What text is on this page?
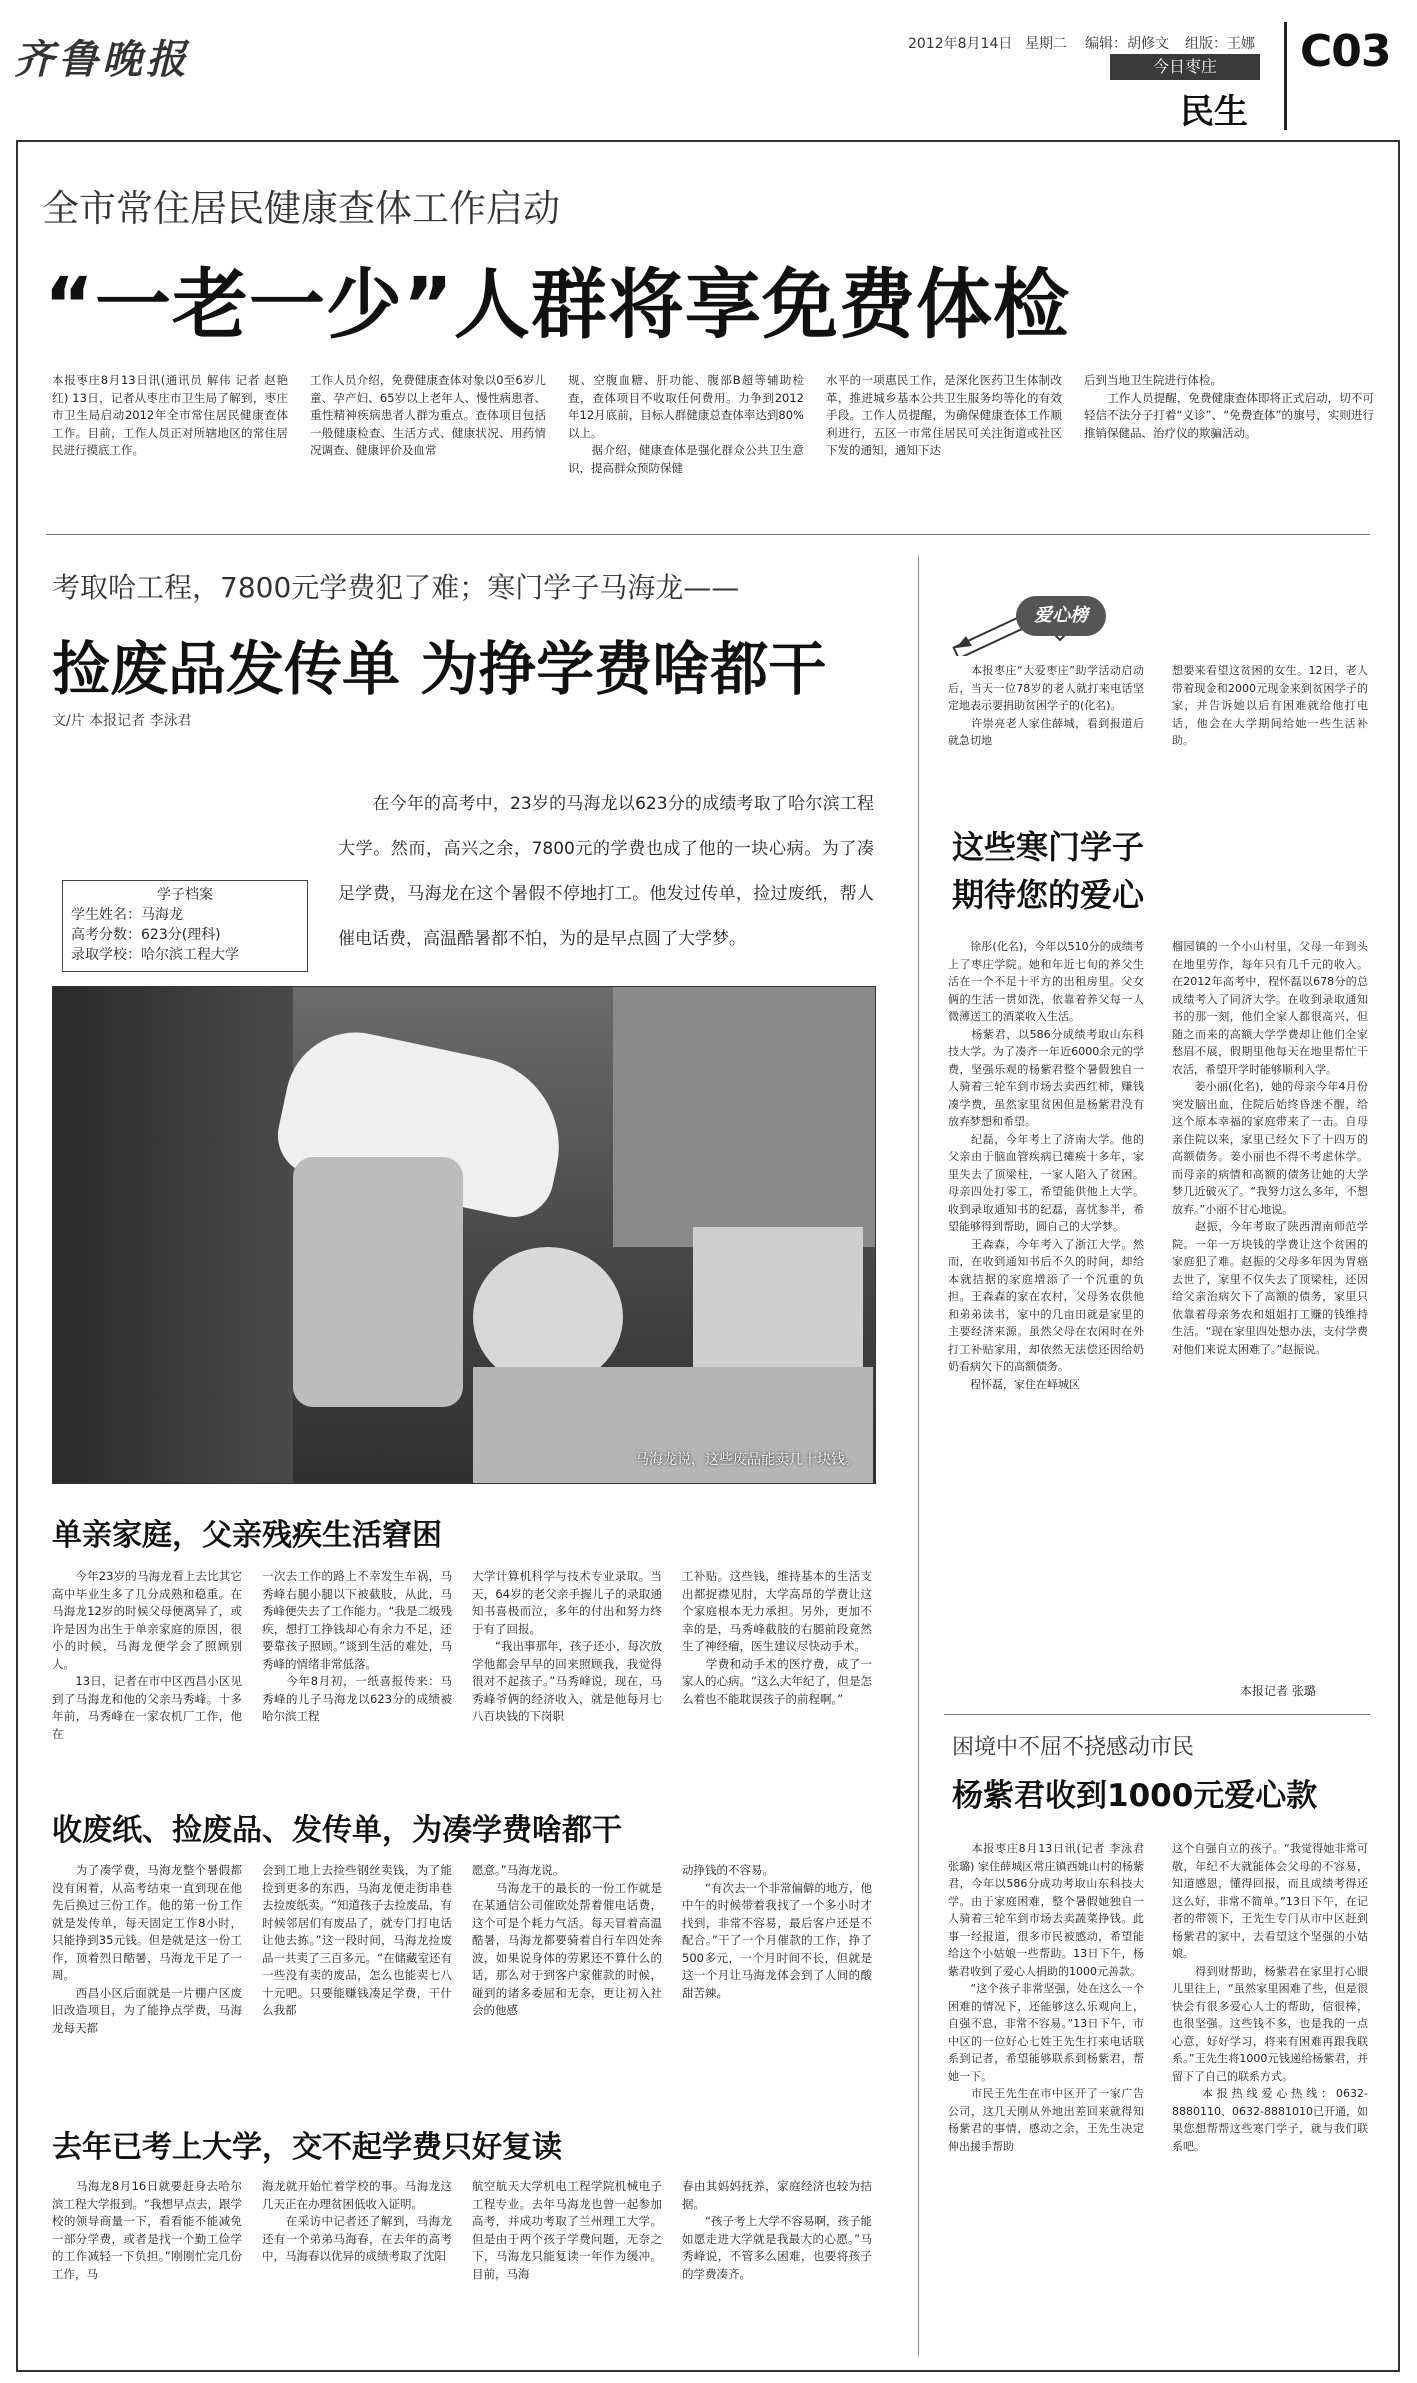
齐鲁晚报	2012年8月14日 星期二 编辑：胡修文 组版：王娜
今日枣庄
民生
C03
全市常住居民健康查体工作启动
“一老一少”人群将享免费体检
本报枣庄8月13日讯(通讯员 解伟 记者 赵艳红) 13日，记者从枣庄市卫生局了解到，枣庄市卫生局启动2012年全市常住居民健康查体工作。目前，工作人员正对所辖地区的常住居民进行摸底工作。
工作人员介绍，免费健康查体对象以0至6岁儿童、孕产妇、65岁以上老年人、慢性病患者、重性精神疾病患者人群为重点。查体项目包括一般健康检查、生活方式、健康状况、用药情况调查、健康评价及血常
规、空腹血糖、肝功能、腹部B超等辅助检查，查体项目不收取任何费用。力争到2012年12月底前，目标人群健康总查体率达到80%以上。
　　据介绍，健康查体是强化群众公共卫生意识，提高群众预防保健
水平的一项惠民工作，是深化医药卫生体制改革，推进城乡基本公共卫生服务均等化的有效手段。工作人员提醒，为确保健康查体工作顺利进行，五区一市常住居民可关注街道或社区下发的通知，通知下达
后到当地卫生院进行体检。
　　工作人员提醒，免费健康查体即将正式启动，切不可轻信不法分子打着“义诊”、“免费查体”的旗号，实则进行推销保健品、治疗仪的欺骗活动。
考取哈工程，7800元学费犯了难；寒门学子马海龙——
捡废品发传单 为挣学费啥都干
文/片 本报记者 李泳君
　　在今年的高考中，23岁的马海龙以623分的成绩考取了哈尔滨工程大学。然而，高兴之余，7800元的学费也成了他的一块心病。为了凑足学费，马海龙在这个暑假不停地打工。他发过传单，捡过废纸，帮人催电话费，高温酷暑都不怕，为的是早点圆了大学梦。
学子档案
学生姓名：马海龙
高考分数：623分(理科)
录取学校：哈尔滨工程大学
马海龙说，这些废品能卖几十块钱。
单亲家庭，父亲残疾生活窘困
　　今年23岁的马海龙看上去比其它高中毕业生多了几分成熟和稳重。在马海龙12岁的时候父母便离异了，或许是因为出生于单亲家庭的原因，很小的时候，马海龙便学会了照顾别人。
　　13日，记者在市中区西昌小区见到了马海龙和他的父亲马秀峰。十多年前，马秀峰在一家农机厂工作，他在
一次去工作的路上不幸发生车祸，马秀峰右腿小腿以下被截肢，从此，马秀峰便失去了工作能力。“我是二级残疾，想打工挣钱却心有余力不足，还要靠孩子照顾。”谈到生活的难处，马秀峰的情绪非常低落。
　　今年8月初，一纸喜报传来：马秀峰的儿子马海龙以623分的成绩被哈尔滨工程
大学计算机科学与技术专业录取。当天，64岁的老父亲手握儿子的录取通知书喜极而泣，多年的付出和努力终于有了回报。
　　“我出事那年，孩子还小，每次放学他都会早早的回来照顾我，我觉得很对不起孩子。”马秀峰说，现在，马秀峰爷俩的经济收入，就是他每月七八百块钱的下岗职
工补贴。这些钱，维持基本的生活支出都捉襟见肘，大学高昂的学费让这个家庭根本无力承担。另外，更加不幸的是，马秀峰截肢的右腿前段竟然生了神经瘤，医生建议尽快动手术。
　　学费和动手术的医疗费，成了一家人的心病。“这么大年纪了，但是怎么着也不能耽误孩子的前程啊。”
收废纸、捡废品、发传单，为凑学费啥都干
　　为了凑学费，马海龙整个暑假都没有闲着，从高考结束一直到现在他先后换过三份工作。他的第一份工作就是发传单，每天固定工作8小时，只能挣到35元钱。但是就是这一份工作，顶着烈日酷暑，马海龙干足了一周。
　　西昌小区后面就是一片棚户区废旧改造项目，为了能挣点学费，马海龙每天都
会到工地上去捡些钢丝卖钱，为了能捡到更多的东西，马海龙便走街串巷去捡废纸卖。“知道孩子去捡废品，有时候邻居们有废品了，就专门打电话让他去拣。”这一段时间，马海龙捡废品一共卖了三百多元。“在储藏室还有一些没有卖的废品，怎么也能卖七八十元吧。只要能赚钱凑足学费，干什么我都
愿意。”马海龙说。
　　马海龙干的最长的一份工作就是在某通信公司催欧处帮着催电话费，这个可是个耗力气活。每天冒着高温酷暑，马海龙都要骑着自行车四处奔波，如果说身体的劳累还不算什么的话，那么对于到客户家催款的时候，碰到的诸多委屈和无奈，更让初入社会的他感
动挣钱的不容易。
　　“有次去一个非常偏僻的地方，他中午的时候带着我找了一个多小时才找到，非常不容易，最后客户还是不配合。”干了一个月催款的工作，挣了500多元，一个月时间不长，但就是这一个月让马海龙体会到了人间的酸甜苦辣。
去年已考上大学，交不起学费只好复读
　　马海龙8月16日就要赶身去哈尔滨工程大学报到。“我想早点去，跟学校的领导商量一下，看看能不能减免一部分学费，或者是找一个勤工俭学的工作减轻一下负担。”刚刚忙完几份工作，马
海龙就开始忙着学校的事。马海龙这几天正在办理贫困低收入证明。
　　在采访中记者还了解到，马海龙还有一个弟弟马海春，在去年的高考中，马海春以优异的成绩考取了沈阳
航空航天大学机电工程学院机械电子工程专业。去年马海龙也曾一起参加高考，并成功考取了兰州理工大学。但是由于两个孩子学费问题，无奈之下，马海龙只能复读一年作为缓冲。目前，马海
春由其妈妈抚养，家庭经济也较为拮据。
　　“孩子考上大学不容易啊，孩子能如愿走进大学就是我最大的心愿。”马秀峰说，不管多么困难，也要将孩子的学费凑齐。
爱心榜
　　本报枣庄“大爱枣庄”助学活动启动后，当天一位78岁的老人就打来电话坚定地表示要捐助贫困学子的(化名)。
　　许崇亮老人家住薛城，看到报道后就急切地
想要来看望这贫困的女生。12日，老人带着现金和2000元现金来到贫困学子的家，并告诉她以后有困难就给他打电话，他会在大学期间给她一些生活补助。
这些寒门学子
期待您的爱心
　　徐彤(化名)，今年以510分的成绩考上了枣庄学院。她和年近七旬的养父生活在一个不足十平方的出租房里。父女俩的生活一贯如洗，依靠着养父每一人微薄送工的酒菜收入生活。
　　杨紫君，以586分成绩考取山东科技大学。为了凑齐一年近6000余元的学费，坚强乐观的杨紫君整个暑假独自一人骑着三轮车到市场去卖西红柿，赚钱凑学费，虽然家里贫困但是杨紫君没有放弃梦想和希望。
　　纪磊，今年考上了济南大学。他的父亲由于脑血管疾病已瘫痪十多年，家里失去了顶梁柱，一家人陷入了贫困。母亲四处打零工，希望能供他上大学。收到录取通知书的纪磊，喜忧参半，希望能够得到帮助，圆自己的大学梦。
　　王森森，今年考入了浙江大学。然而，在收到通知书后不久的时间，却给本就拮据的家庭增添了一个沉重的负担。王森森的家在农村，父母务农供他和弟弟读书，家中的几亩田就是家里的主要经济来源。虽然父母在农闲时在外打工补贴家用，却依然无法偿还因给奶奶看病欠下的高额债务。
　　程怀磊，家住在峄城区
榴园镇的一个小山村里，父母一年到头在地里劳作，每年只有几千元的收入。在2012年高考中，程怀磊以678分的总成绩考入了同济大学。在收到录取通知书的那一刻，他们全家人都很高兴，但随之而来的高额大学学费却让他们全家愁眉不展，假期里他每天在地里帮忙干农活，希望开学时能够顺利入学。
　　姜小丽(化名)，她的母亲今年4月份突发脑出血，住院后始终昏迷不醒，给这个原本幸福的家庭带来了一击。自母亲住院以来，家里已经欠下了十四万的高额债务。姜小丽也不得不考虑休学。而母亲的病情和高额的债务让她的大学梦几近破灭了。“我努力这么多年，不想放弃。”小丽不甘心地说。
　　赵振，今年考取了陕西渭南师范学院。一年一万块钱的学费让这个贫困的家庭犯了难。赵振的父母多年因为胃癌去世了，家里不仅失去了顶梁柱，还因给父亲治病欠下了高额的债务，家里只依靠着母亲务农和姐姐打工赚的钱维持生活。“现在家里四处想办法，支付学费对他们来说太困难了。”赵振说。
本报记者 张璐
困境中不屈不挠感动市民
杨紫君收到1000元爱心款
　　本报枣庄8月13日讯(记者 李泳君 张璐) 家住薛城区常庄镇西姚山村的杨紫君，今年以586分成功考取山东科技大学。由于家庭困难，整个暑假她独自一人骑着三轮车到市场去卖蔬菜挣钱。此事一经报道，很多市民被感动，希望能给这个小姑娘一些帮助。13日下午，杨紫君收到了爱心人捐助的1000元善款。
　　“这个孩子非常坚强，处在这么一个困难的情况下，还能够这么乐观向上，自强不息，非常不容易。”13日下午，市中区的一位好心七姓王先生打来电话联系到记者，希望能够联系到杨紫君，帮她一下。
　　市民王先生在市中区开了一家广告公司，这几天刚从外地出差回来就得知杨紫君的事情，感动之余，王先生决定伸出援手帮助
这个自强自立的孩子。“我觉得她非常可敬，年纪不大就能体会父母的不容易，知道感恩，懂得回报，而且成绩考得还这么好，非常不简单。”13日下午，在记者的带领下，王先生专门从市中区赶到杨紫君的家中，去看望这个坚强的小姑娘。
　　得到财帮助，杨紫君在家里打心眼儿里往上，“虽然家里困难了些，但是很快会有很多爱心人士的帮助，信很棒，也很坚强。这些钱不多，也是我的一点心意，好好学习，将来有困难再跟我联系。”王先生将1000元钱递给杨紫君，并留下了自己的联系方式。
　　本报热线爱心热线：0632-8880110、0632-8881010已开通，如果您想帮帮这些寒门学子，就与我们联系吧。
